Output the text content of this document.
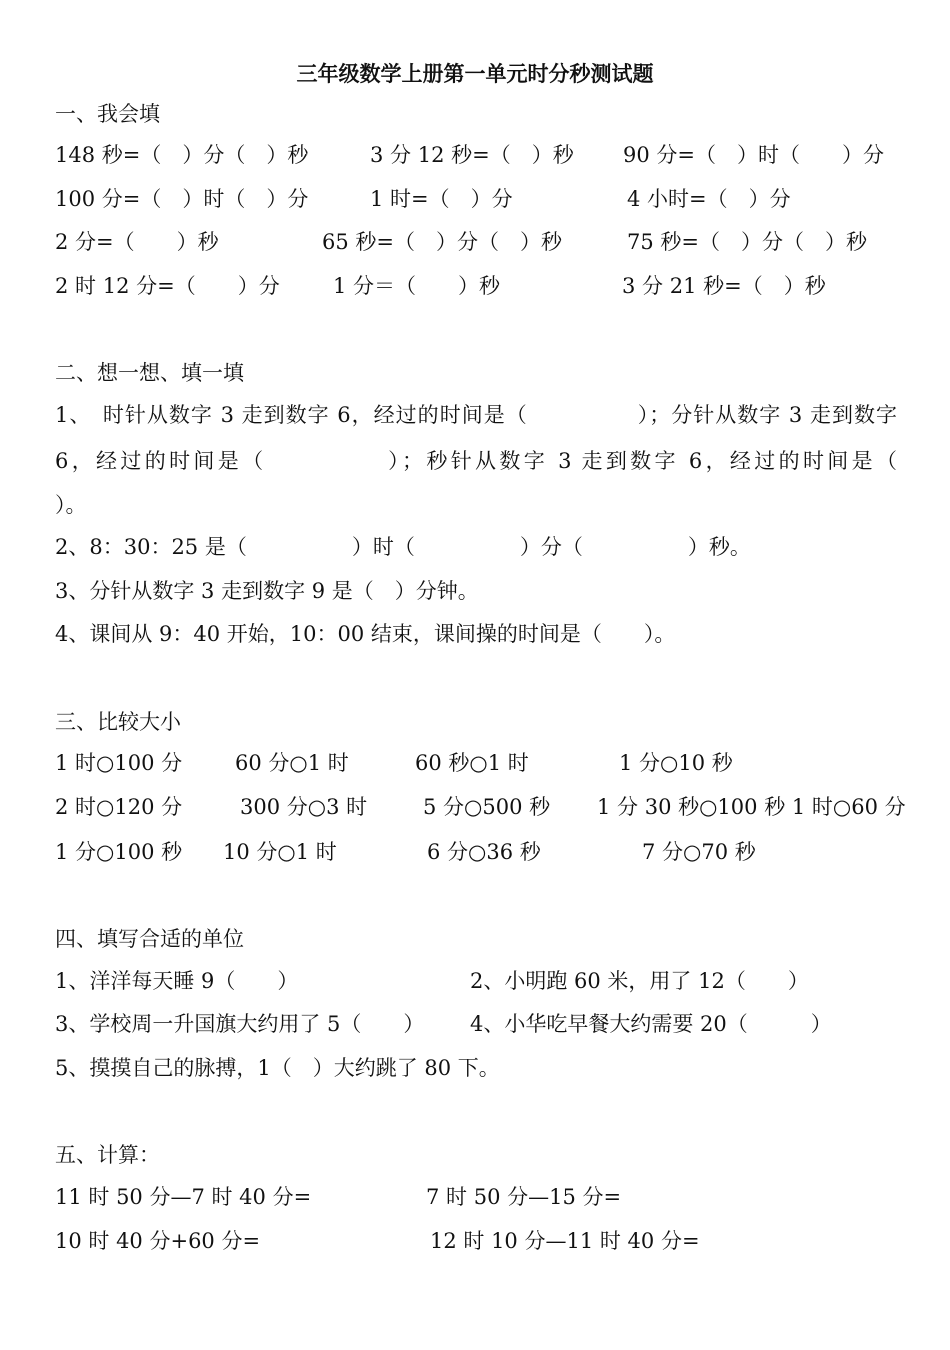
三年级数学上册第一单元时分秒测试题
一、我会填
148 秒=（　）分（　）秒	3 分 12 秒=（　）秒 90 分=（　）时（　　）分
100 分=（　）时（　）分	1 时=（　）分	4 小时=（　）分
2 分=（　　）秒	65 秒=（　）分（　）秒	75 秒=（　）分（　）秒
2 时 12 分=（　　）分	1 分＝（　　）秒	3 分 21 秒=（　）秒
二、想一想、填一填
1、　时针从数字 3 走到数字 6，经过的时间是（　　　　　）；分针从数字 3 走到数字
6，经过的时间是（　　　　　）；秒针从数字 3 走到数字 6，经过的时间是（
）。
2、8：30：25 是（　　　　　）时（　　　　　）分（　　　　　）秒。
3、分针从数字 3 走到数字 9 是（　）分钟。
4、课间从 9：40 开始，10：00 结束，课间操的时间是（　　）。
三、比较大小
1 时○100 分	60 分○1 时	60 秒○1 时	1 分○10 秒
2 时○120 分	300 分○3 时	5 分○500 秒 1 分 30 秒○100 秒 1 时○60 分
1 分○100 秒 10 分○1 时	6 分○36 秒	7 分○70 秒
四、填写合适的单位
1、洋洋每天睡 9（　　）	2、小明跑 60 米，用了 12（　　）
3、学校周一升国旗大约用了 5（　　） 4、小华吃早餐大约需要 20（　　　）
5、摸摸自己的脉搏，1（　）大约跳了 80 下。
五、计算：
11 时 50 分—7 时 40 分=	7 时 50 分—15 分=
10 时 40 分+60 分=	12 时 10 分—11 时 40 分=
